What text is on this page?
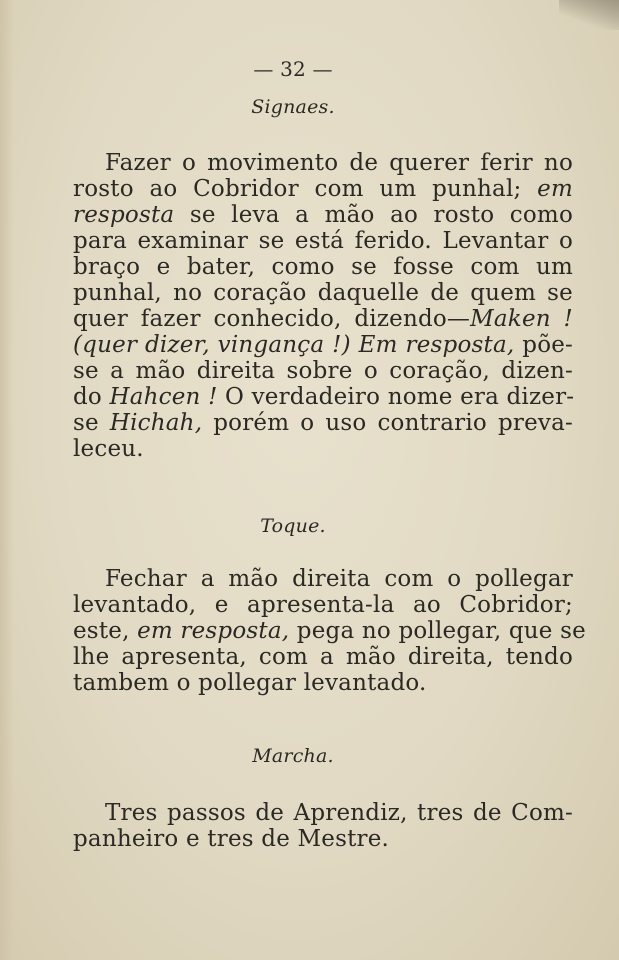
— 32 —
Signaes.
Fazer o movimento de querer ferir no
rosto ao Cobridor com um punhal; em
resposta se leva a mão ao rosto como
para examinar se está ferido. Levantar o
braço e bater, como se fosse com um
punhal, no coração daquelle de quem se
quer fazer conhecido, dizendo—Maken !
(quer dizer, vingança !) Em resposta, põe-
se a mão direita sobre o coração, dizen-
do Hahcen ! O verdadeiro nome era dizer-
se Hichah, porém o uso contrario preva-
leceu.
Toque.
Fechar a mão direita com o pollegar
levantado, e apresenta-la ao Cobridor;
este, em resposta, pega no pollegar, que se
lhe apresenta, com a mão direita, tendo
tambem o pollegar levantado.
Marcha.
Tres passos de Aprendiz, tres de Com-
panheiro e tres de Mestre.
